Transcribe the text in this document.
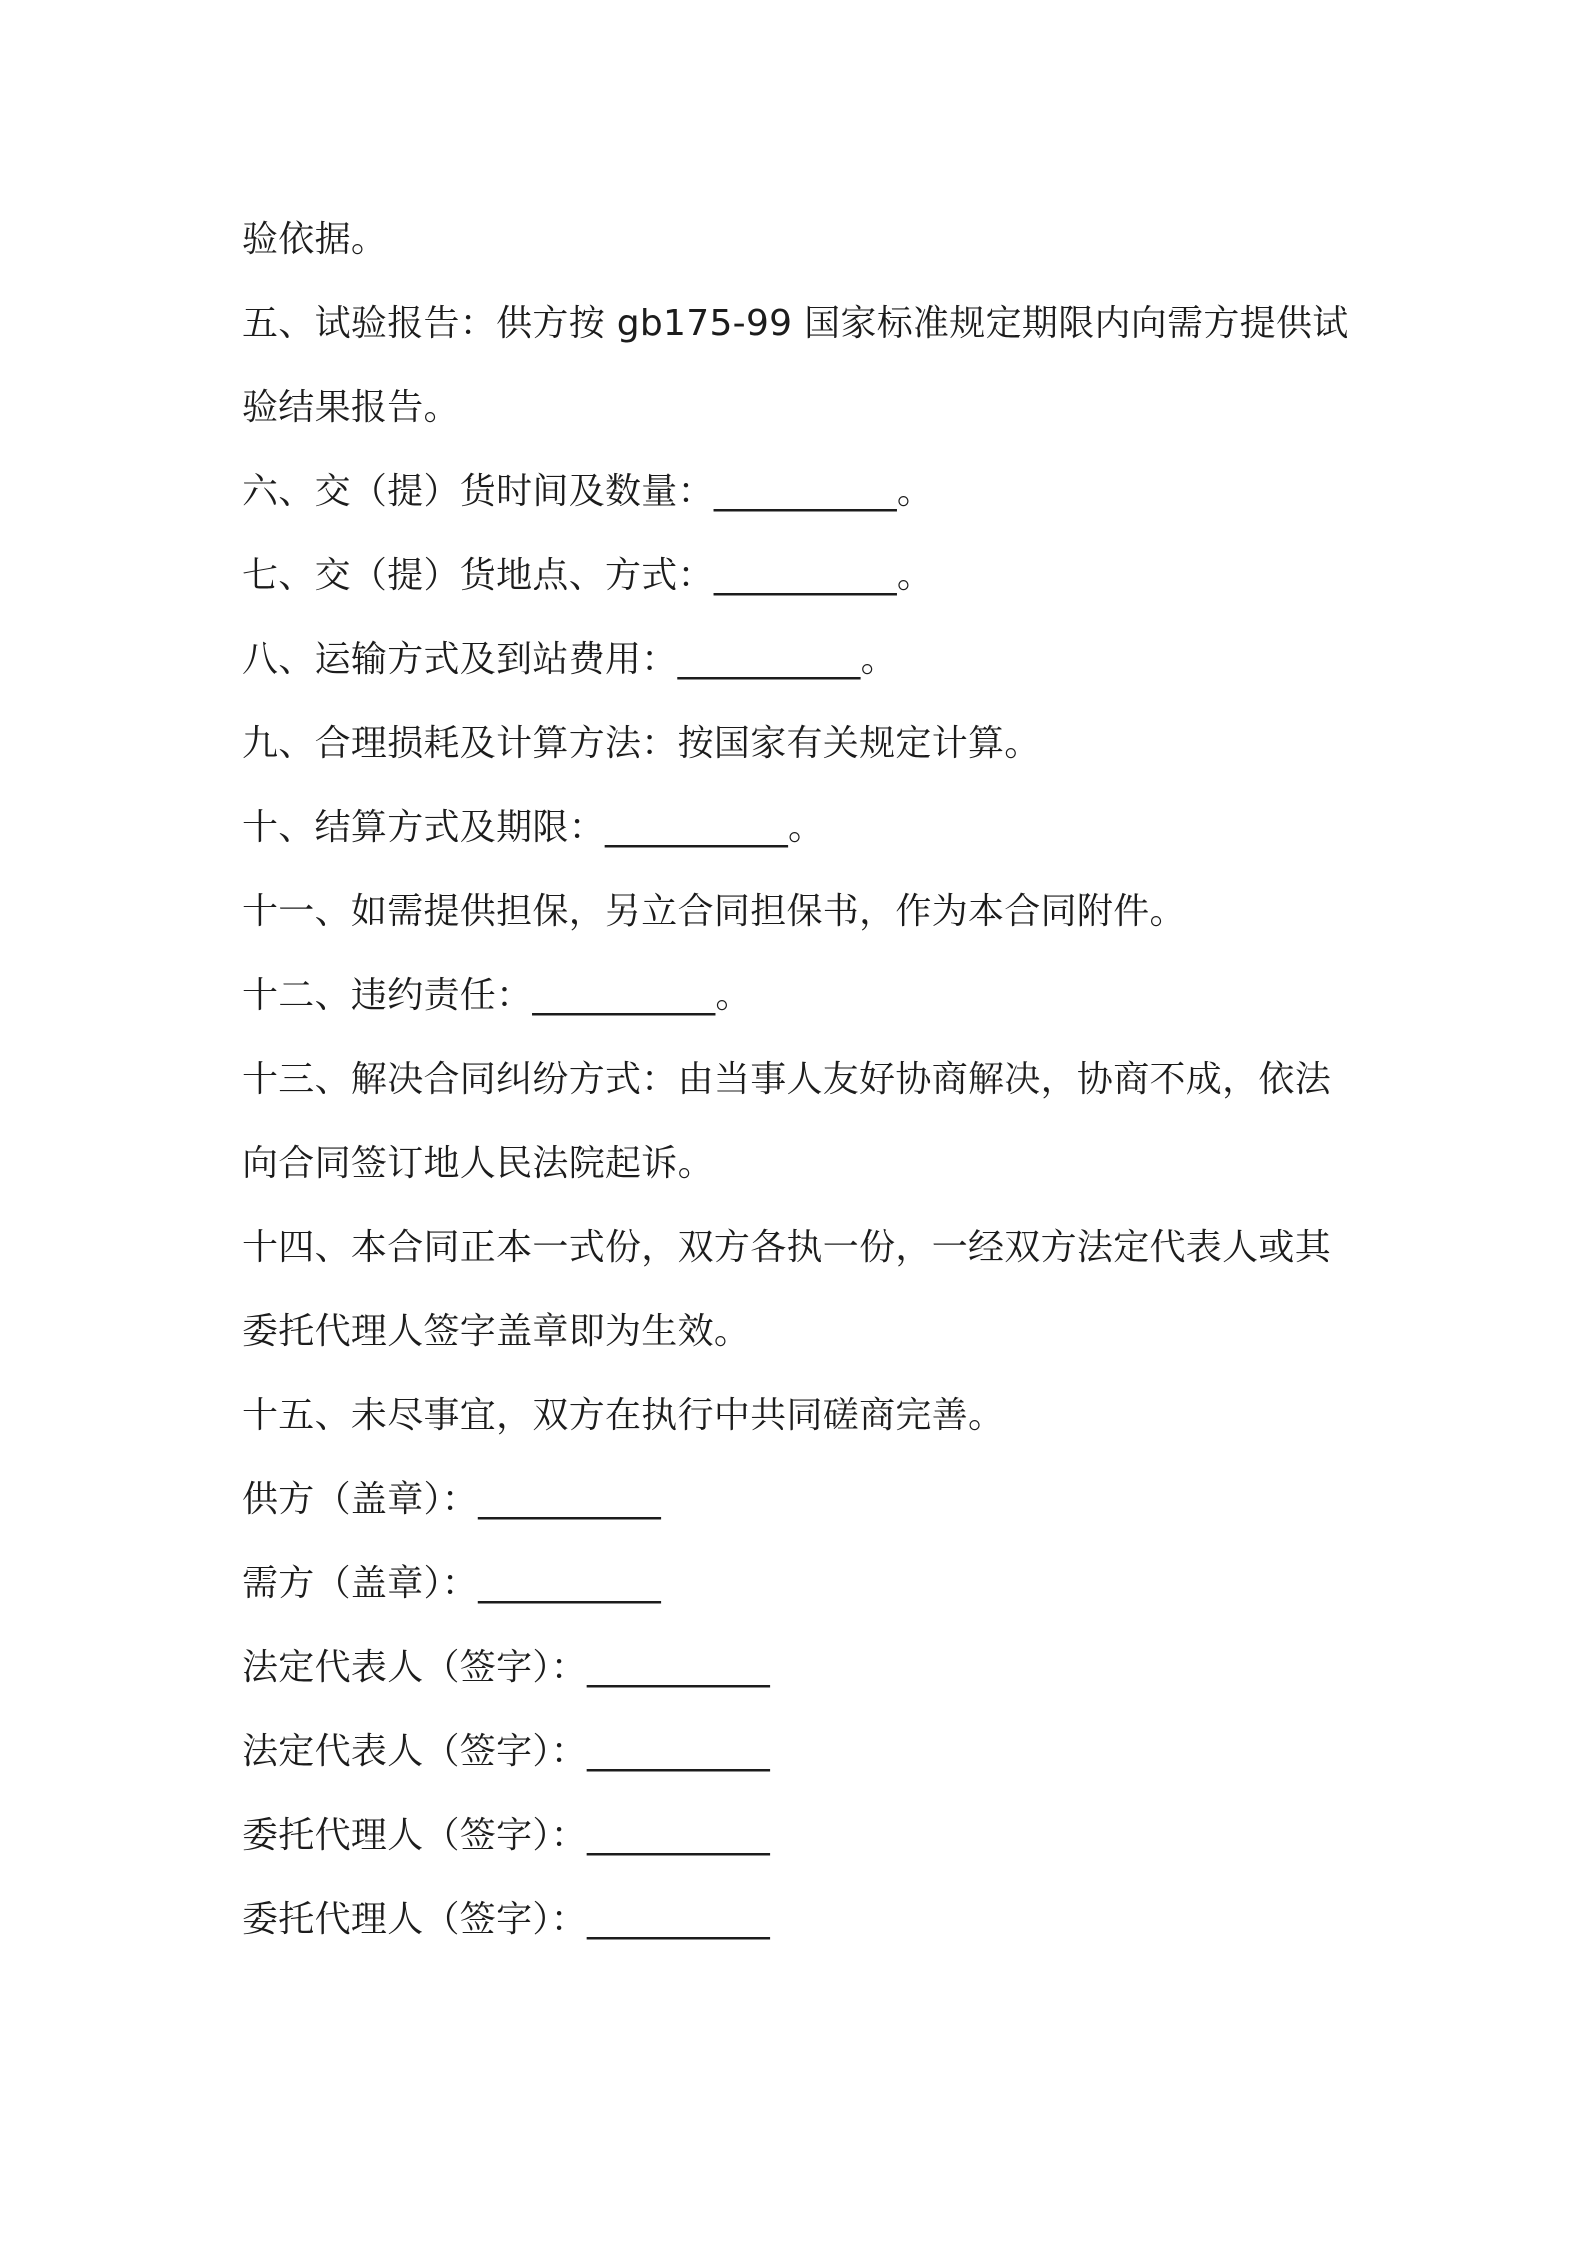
验依据。
五、试验报告：供方按 gb175-99 国家标准规定期限内向需方提供试
验结果报告。
六、交（提）货时间及数量：__________。
七、交（提）货地点、方式：__________。
八、运输方式及到站费用：__________。
九、合理损耗及计算方法：按国家有关规定计算。
十、结算方式及期限：__________。
十一、如需提供担保，另立合同担保书，作为本合同附件。
十二、违约责任：__________。
十三、解决合同纠纷方式：由当事人友好协商解决，协商不成，依法
向合同签订地人民法院起诉。
十四、本合同正本一式份，双方各执一份，一经双方法定代表人或其
委托代理人签字盖章即为生效。
十五、未尽事宜，双方在执行中共同磋商完善。
供方（盖章）：__________
需方（盖章）：__________
法定代表人（签字）：__________
法定代表人（签字）：__________
委托代理人（签字）：__________
委托代理人（签字）：__________
